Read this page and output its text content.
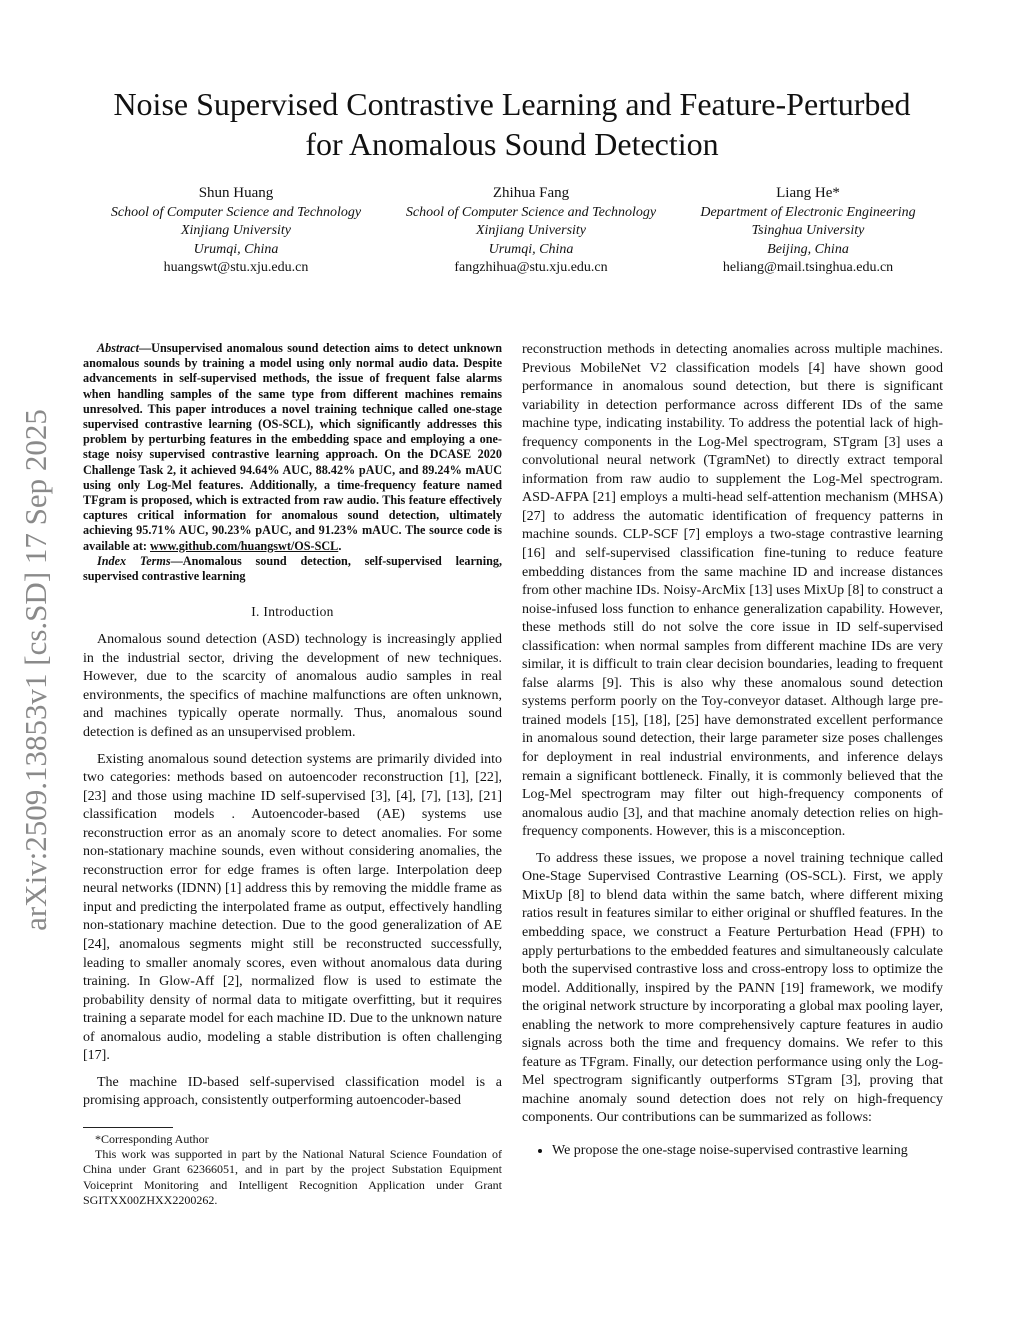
arXiv:2509.13853v1 [cs.SD] 17 Sep 2025
Noise Supervised Contrastive Learning and Feature-Perturbed
for Anomalous Sound Detection
Shun Huang
School of Computer Science and Technology
Xinjiang University
Urumqi, China
huangswt@stu.xju.edu.cn
Zhihua Fang
School of Computer Science and Technology
Xinjiang University
Urumqi, China
fangzhihua@stu.xju.edu.cn
Liang He*
Department of Electronic Engineering
Tsinghua University
Beijing, China
heliang@mail.tsinghua.edu.cn

Abstract—Unsupervised anomalous sound detection aims to detect unknown anomalous sounds by training a model using only normal audio data. Despite advancements in self-supervised methods, the issue of frequent false alarms when handling samples of the same type from different machines remains unresolved. This paper introduces a novel training technique called one-stage supervised contrastive learning (OS-SCL), which significantly addresses this problem by perturbing features in the embedding space and employing a one-stage noisy supervised contrastive learning approach. On the DCASE 2020 Challenge Task 2, it achieved 94.64% AUC, 88.42% pAUC, and 89.24% mAUC using only Log-Mel features. Additionally, a time-frequency feature named TFgram is proposed, which is extracted from raw audio. This feature effectively captures critical information for anomalous sound detection, ultimately achieving 95.71% AUC, 90.23% pAUC, and 91.23% mAUC. The source code is available at: www.github.com/huangswt/OS-SCL.

Index Terms—Anomalous sound detection, self-supervised learning, supervised contrastive learning

I. Introduction

Anomalous sound detection (ASD) technology is increasingly applied in the industrial sector, driving the development of new techniques. However, due to the scarcity of anomalous audio samples in real environments, the specifics of machine malfunctions are often unknown, and machines typically operate normally. Thus, anomalous sound detection is defined as an unsupervised problem.

Existing anomalous sound detection systems are primarily divided into two categories: methods based on autoencoder reconstruction [1], [22], [23] and those using machine ID self-supervised [3], [4], [7], [13], [21] classification models . Autoencoder-based (AE) systems use reconstruction error as an anomaly score to detect anomalies. For some non-stationary machine sounds, even without considering anomalies, the reconstruction error for edge frames is often large. Interpolation deep neural networks (IDNN) [1] address this by removing the middle frame as input and predicting the interpolated frame as output, effectively handling non-stationary machine detection. Due to the good generalization of AE [24], anomalous segments might still be reconstructed successfully, leading to smaller anomaly scores, even without anomalous data during training. In Glow-Aff [2], normalized flow is used to estimate the probability density of normal data to mitigate overfitting, but it requires training a separate model for each machine ID. Due to the unknown nature of anomalous audio, modeling a stable distribution is often challenging [17].

The machine ID-based self-supervised classification model is a promising approach, consistently outperforming autoencoder-based

*Corresponding Author

This work was supported in part by the National Natural Science Foundation of China under Grant 62366051, and in part by the project Substation Equipment Voiceprint Monitoring and Intelligent Recognition Application under Grant SGITXX00ZHXX2200262.

reconstruction methods in detecting anomalies across multiple machines. Previous MobileNet V2 classification models [4] have shown good performance in anomalous sound detection, but there is significant variability in detection performance across different IDs of the same machine type, indicating instability. To address the potential lack of high-frequency components in the Log-Mel spectrogram, STgram [3] uses a convolutional neural network (TgramNet) to directly extract temporal information from raw audio to supplement the Log-Mel spectrogram. ASD-AFPA [21] employs a multi-head self-attention mechanism (MHSA) [27] to address the automatic identification of frequency patterns in machine sounds. CLP-SCF [7] employs a two-stage contrastive learning [16] and self-supervised classification fine-tuning to reduce feature embedding distances from the same machine ID and increase distances from other machine IDs. Noisy-ArcMix [13] uses MixUp [8] to construct a noise-infused loss function to enhance generalization capability. However, these methods still do not solve the core issue in ID self-supervised classification: when normal samples from different machine IDs are very similar, it is difficult to train clear decision boundaries, leading to frequent false alarms [9]. This is also why these anomalous sound detection systems perform poorly on the Toy-conveyor dataset. Although large pre-trained models [15], [18], [25] have demonstrated excellent performance in anomalous sound detection, their large parameter size poses challenges for deployment in real industrial environments, and inference delays remain a significant bottleneck. Finally, it is commonly believed that the Log-Mel spectrogram may filter out high-frequency components of anomalous audio [3], and that machine anomaly detection relies on high-frequency components. However, this is a misconception.

To address these issues, we propose a novel training technique called One-Stage Supervised Contrastive Learning (OS-SCL). First, we apply MixUp [8] to blend data within the same batch, where different mixing ratios result in features similar to either original or shuffled features. In the embedding space, we construct a Feature Perturbation Head (FPH) to apply perturbations to the embedded features and simultaneously calculate both the supervised contrastive loss and cross-entropy loss to optimize the model. Additionally, inspired by the PANN [19] framework, we modify the original network structure by incorporating a global max pooling layer, enabling the network to more comprehensively capture features in audio signals across both the time and frequency domains. We refer to this feature as TFgram. Finally, our detection performance using only the Log-Mel spectrogram significantly outperforms STgram [3], proving that machine anomaly sound detection does not rely on high-frequency components. Our contributions can be summarized as follows:

• We propose the one-stage noise-supervised contrastive learning
